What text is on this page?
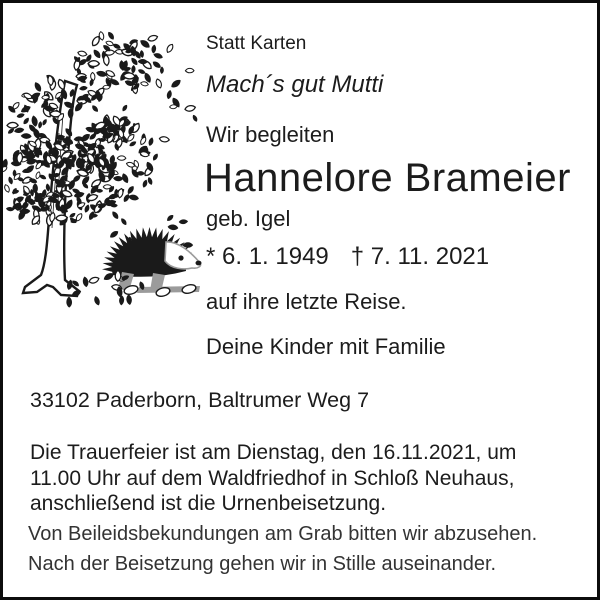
Statt Karten
Mach´s gut Mutti
Wir begleiten
Hannelore Brameier
geb. Igel
* 6. 1. 1949 † 7. 11. 2021
auf ihre letzte Reise.
Deine Kinder mit Familie
33102 Paderborn, Baltrumer Weg 7
Die Trauerfeier ist am Dienstag, den 16.11.2021, um 11.00 Uhr auf dem Waldfriedhof in Schloß Neuhaus, anschließend ist die Urnenbeisetzung.
Von Beileidsbekundungen am Grab bitten wir abzusehen.
Nach der Beisetzung gehen wir in Stille auseinander.
